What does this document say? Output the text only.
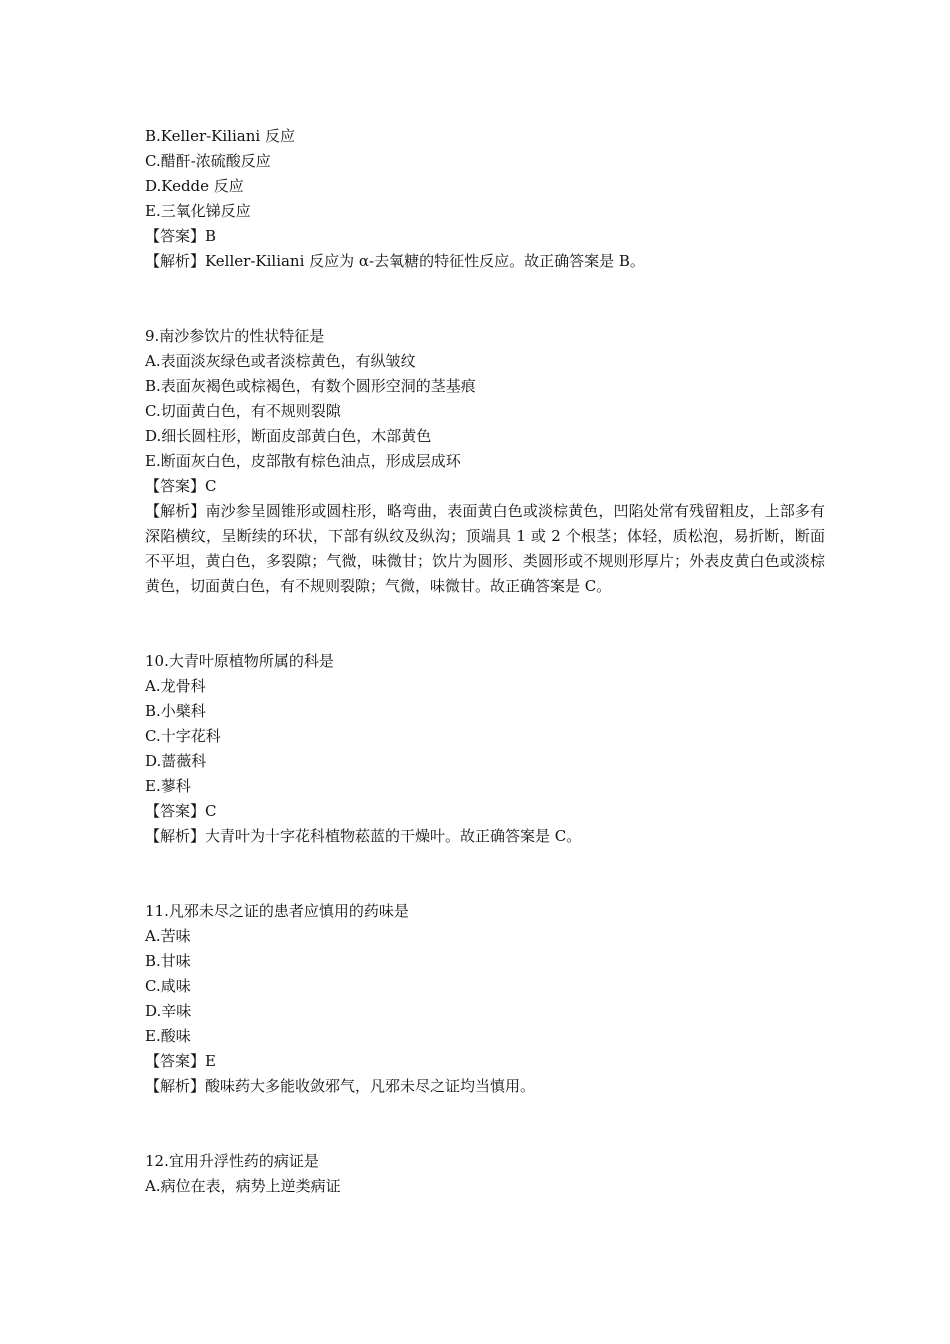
B.Keller-Kiliani 反应
C.醋酐-浓硫酸反应
D.Kedde 反应
E.三氧化锑反应
【答案】B
【解析】Keller-Kiliani 反应为 α-去氧糖的特征性反应。故正确答案是 B。
9.南沙参饮片的性状特征是
A.表面淡灰绿色或者淡棕黄色，有纵皱纹
B.表面灰褐色或棕褐色，有数个圆形空洞的茎基痕
C.切面黄白色，有不规则裂隙
D.细长圆柱形，断面皮部黄白色，木部黄色
E.断面灰白色，皮部散有棕色油点，形成层成环
【答案】C
【解析】南沙参呈圆锥形或圆柱形，略弯曲，表面黄白色或淡棕黄色，凹陷处常有残留粗皮，上部多有深陷横纹，呈断续的环状，下部有纵纹及纵沟；顶端具 1 或 2 个根茎；体轻，质松泡，易折断，断面不平坦，黄白色，多裂隙；气微，味微甘；饮片为圆形、类圆形或不规则形厚片；外表皮黄白色或淡棕黄色，切面黄白色，有不规则裂隙；气微，味微甘。故正确答案是 C。
10.大青叶原植物所属的科是
A.龙骨科
B.小檗科
C.十字花科
D.蔷薇科
E.蓼科
【答案】C
【解析】大青叶为十字花科植物菘蓝的干燥叶。故正确答案是 C。
11.凡邪未尽之证的患者应慎用的药味是
A.苦味
B.甘味
C.咸味
D.辛味
E.酸味
【答案】E
【解析】酸味药大多能收敛邪气，凡邪未尽之证均当慎用。
12.宜用升浮性药的病证是
A.病位在表，病势上逆类病证
